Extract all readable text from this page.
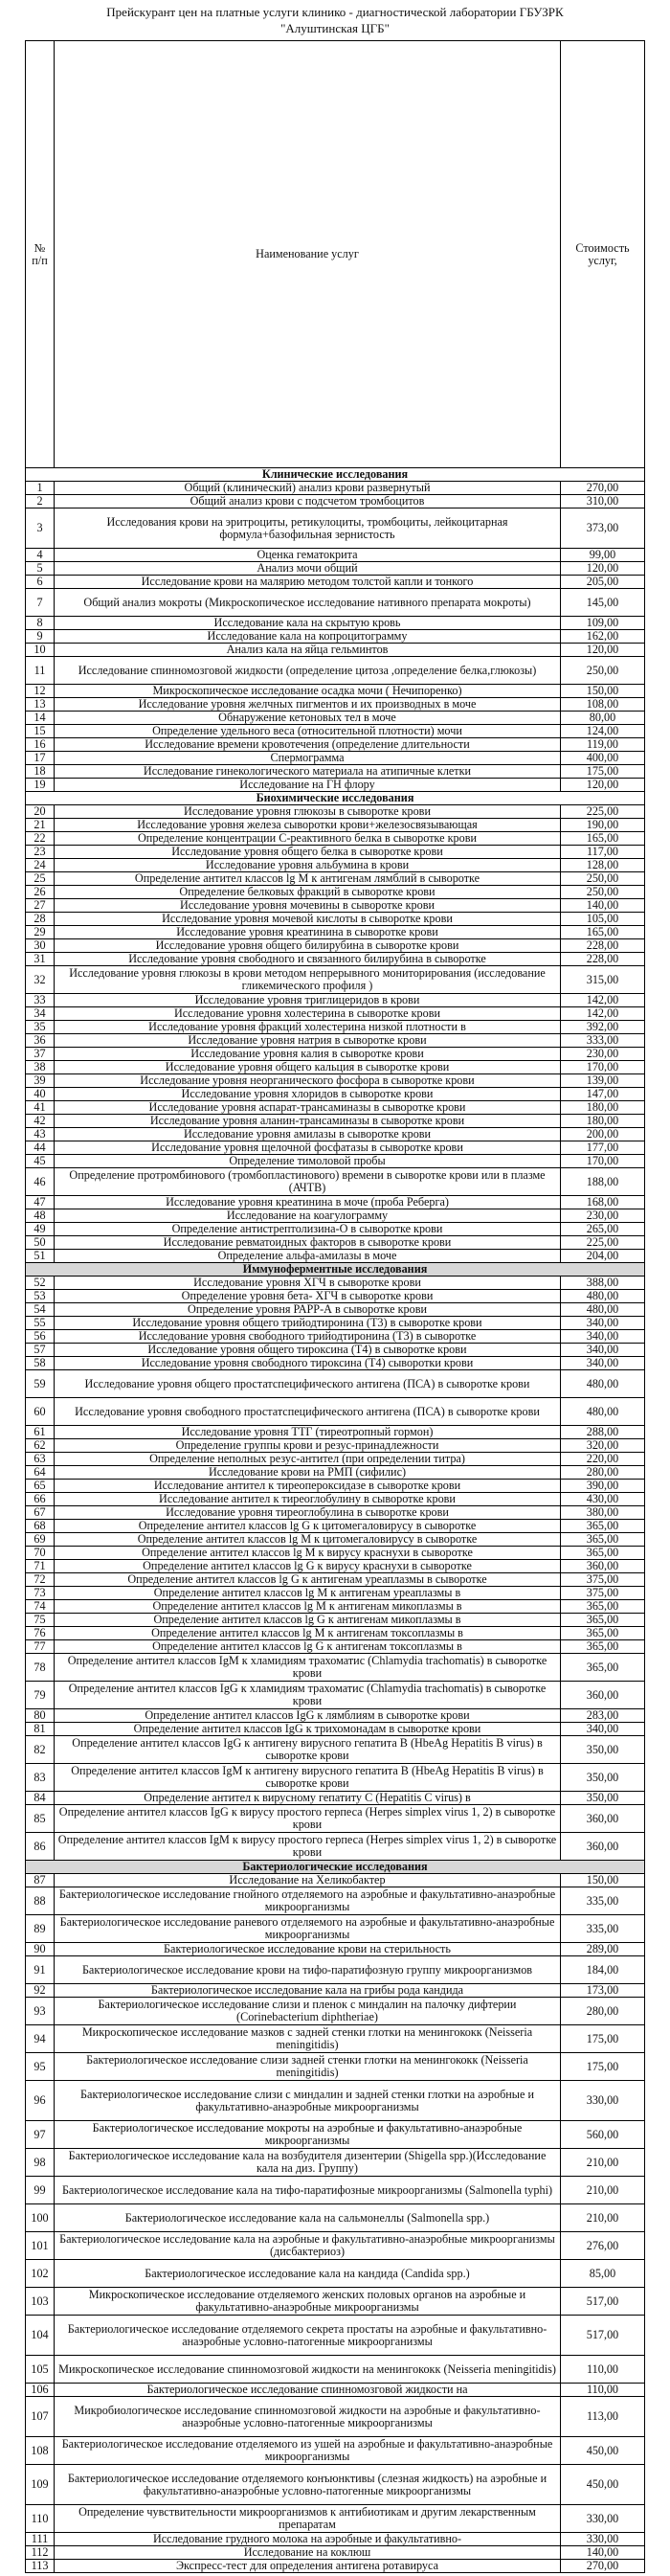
Прейскурант цен на платные услуги клинико - диагностической лаборатории ГБУЗРК
"Алуштинская ЦГБ"
№ п/п	Наименование услуг	Стоимость услуг,
Клинические исследования		
1	Общий (клинический) анализ крови развернутый	270,00
2	Общий анализ крови с подсчетом тромбоцитов	310,00
3	Исследования крови на эритроциты, ретикулоциты, тромбоциты, лейкоцитарная формула+базофильная зернистость	373,00
4	Оценка гематокрита	99,00
5	Анализ мочи общий	120,00
6	Исследование крови на малярию методом толстой капли и тонкого	205,00
7	Общий анализ мокроты (Микроскопическое исследование нативного препарата мокроты)	145,00
8	Исследование кала на скрытую кровь	109,00
9	Исследование кала на копроцитограмму	162,00
10	Анализ кала на яйца гельминтов	120,00
11	Исследование спинномозговой жидкости (определение цитоза ,определение белка,глюкозы)	250,00
12	Микроскопическое исследование осадка мочи ( Нечипоренко)	150,00
13	Исследование уровня желчных пигментов и их производных в моче	108,00
14	Обнаружение кетоновых тел в моче	80,00
15	Определение удельного веса (относительной плотности) мочи	124,00
16	Исследование времени кровотечения (определение длительности	119,00
17	Спермограмма	400,00
18	Исследование гинекологического материала на атипичные клетки	175,00
19	Исследование на ГН флору	120,00
Биохимические исследования		
20	Исследование уровня глюкозы в сыворотке крови	225,00
21	Исследование уровня железа сыворотки крови+железосвязывающая	190,00
22	Определение концентрации С-реактивного белка в сыворотке крови	165,00
23	Исследование уровня общего белка в сыворотке крови	117,00
24	Исследование уровня альбумина в крови	128,00
25	Определение антител классов lg M к антигенам лямблий в сыворотке	250,00
26	Определение белковых фракций в сыворотке крови	250,00
27	Исследование уровня мочевины в сыворотке крови	140,00
28	Исследование уровня мочевой кислоты в сыворотке крови	105,00
29	Исследование уровня креатинина в сыворотке крови	165,00
30	Исследование уровня общего билирубина в сыворотке крови	228,00
31	Исследование уровня свободного и связанного билирубина в сыворотке	228,00
32	Исследование уровня глюкозы в крови методом непрерывного мониторирования (исследование гликемического профиля )	315,00
33	Исследование уровня триглицеридов в крови	142,00
34	Исследование уровня холестерина в сыворотке крови	142,00
35	Исследование уровня фракций холестерина низкой плотности в	392,00
36	Исследование уровня натрия в сыворотке крови	333,00
37	Исследование уровня калия в сыворотке крови	230,00
38	Исследование уровня общего кальция в сыворотке крови	170,00
39	Исследование уровня неорганического фосфора в сыворотке крови	139,00
40	Исследование уровня хлоридов в сыворотке крови	147,00
41	Исследование уровня аспарат-трансаминазы в сыворотке крови	180,00
42	Исследование уровня аланин-трансаминазы в сыворотке крови	180,00
43	Исследование уровня амилазы в сыворотке крови	200,00
44	Исследование уровня щелочной фосфатазы в сыворотке крови	177,00
45	Определение тимоловой пробы	170,00
46	Определение протромбинового (тромбопластинового) времени в сыворотке крови или в плазме (АЧТВ)	188,00
47	Исследование уровня креатинина в моче (проба Реберга)	168,00
48	Исследование на коагулограмму	230,00
49	Определение антистрептолизина-О в сыворотке крови	265,00
50	Исследование ревматоидных факторов в сыворотке крови	225,00
51	Определение альфа-амилазы в моче	204,00
Иммуноферментные исследования		
52	Исследование уровня ХГЧ в сыворотке крови	388,00
53	Определение уровня бета- ХГЧ в сыворотке крови	480,00
54	Определение уровня РАРР-А в сыворотке крови	480,00
55	Исследование уровня общего трийодтиронина (Т3) в сыворотке крови	340,00
56	Исследование уровня свободного трийодтиронина (Т3) в сыворотке	340,00
57	Исследование уровня общего тироксина (Т4) в сыворотке крови	340,00
58	Исследование уровня свободного тироксина (Т4) сыворотки крови	340,00
59	Исследование уровня общего простатспецифического антигена (ПСА) в сыворотке крови	480,00
60	Исследование уровня свободного простатспецифического антигена (ПСА) в сыворотке крови	480,00
61	Исследование уровня ТТГ (тиреотропный гормон)	288,00
62	Определение группы крови и резус-принадлежности	320,00
63	Определение неполных резус-антител (при определении титра)	220,00
64	Исследование крови на РМП (сифилис)	280,00
65	Исследование антител к тиреопероксидазе в сыворотке крови	390,00
66	Исследование антител к тиреоглобулину в сыворотке крови	430,00
67	Исследование уровня тиреоглобулина в сыворотке крови	380,00
68	Определение антител классов lg G к цитомегаловирусу в сыворотке	365,00
69	Определение антител классов lg M к цитомегаловирусу в сыворотке	365,00
70	Определение антител классов lg M к вирусу краснухи в сыворотке	365,00
71	Определение антител классов lg G к вирусу краснухи в сыворотке	360,00
72	Определение антител классов lg G к антигенам уреаплазмы в сыворотке	375,00
73	Определение антител классов lg M к антигенам уреаплазмы в	375,00
74	Определение антител классов lg M к антигенам микоплазмы в	365,00
75	Определение антител классов lg G к антигенам микоплазмы в	365,00
76	Определение антител классов lg M к антигенам токсоплазмы в	365,00
77	Определение антител классов lg G к антигенам токсоплазмы в	365,00
78	Определение антител классов IgM к хламидиям трахоматис (Chlamydia trachomatis) в сыворотке крови	365,00
79	Определение антител классов IgG к хламидиям трахоматис (Chlamydia trachomatis) в сыворотке крови	360,00
80	Определение антител классов IgG к лямблиям в сыворотке крови	283,00
81	Определение антител классов IgG к трихомонадам в сыворотке крови	340,00
82	Определение антител классов IgG к антигену вирусного гепатита В (HbeAg Hepatitis B virus) в сыворотке крови	350,00
83	Определение антител классов IgM к антигену вирусного гепатита В (HbeAg Hepatitis B virus) в сыворотке крови	350,00
84	Определение антител к вирусному гепатиту С (Hepatitis C virus) в	350,00
85	Определение антител классов IgG к вирусу простого герпеса (Herpes simplex virus 1, 2) в сыворотке крови	360,00
86	Определение антител классов IgM к вирусу простого герпеса (Herpes simplex virus 1, 2) в сыворотке крови	360,00
Бактериологические исследования		
87	Исследование на Хеликобактер	150,00
88	Бактериологическое исследование гнойного отделяемого на аэробные и факультативно-анаэробные микроорганизмы	335,00
89	Бактериологическое исследование раневого отделяемого на аэробные и факультативно-анаэробные микроорганизмы	335,00
90	Бактериологическое исследование крови на стерильность	289,00
91	Бактериологическое исследование крови на тифо-паратифозную группу микроорганизмов	184,00
92	Бактериологическое исследование кала на грибы рода кандида	173,00
93	Бактериологическое исследование слизи и пленок с миндалин на палочку дифтерии (Corinebacterium diphtheriae)	280,00
94	Микроскопическое исследование мазков с задней стенки глотки на менингококк (Neisseria meningitidis)	175,00
95	Бактериологическое исследование слизи задней стенки глотки на менингококк (Neisseria meningitidis)	175,00
96	Бактериологическое исследование слизи с миндалин и задней стенки глотки на аэробные и факультативно-анаэробные микроорганизмы	330,00
97	Бактериологическое исследование мокроты на аэробные и факультативно-анаэробные микроорганизмы	560,00
98	Бактериологическое исследование кала на возбудителя дизентерии (Shigella spp.)(Исследование кала на диз. Группу)	210,00
99	Бактериологическое исследование кала на тифо-паратифозные микроорганизмы (Salmonella typhi)	210,00
100	Бактериологическое исследование кала на сальмонеллы (Salmonella spp.)	210,00
101	Бактериологическое исследование кала на аэробные и факультативно-анаэробные микроорганизмы (дисбактериоз)	276,00
102	Бактериологическое исследование кала на кандида (Candida spp.)	85,00
103	Микроскопическое исследование отделяемого женских половых органов на аэробные и факультативно-анаэробные микроорганизмы	517,00
104	Бактериологическое исследование отделяемого секрета простаты на аэробные и факультативно-анаэробные условно-патогенные микроорганизмы	517,00
105	Микроскопическое исследование спинномозговой жидкости на менингококк (Neisseria meningitidis)	110,00
106	Бактериологическое исследование спинномозговой жидкости на	110,00
107	Микробиологическое исследование спинномозговой жидкости на аэробные и факультативно-анаэробные условно-патогенные микроорганизмы	113,00
108	Бактериологическое исследование отделяемого из ушей на аэробные и факультативно-анаэробные микроорганизмы	450,00
109	Бактериологическое исследование отделяемого конъюнктивы (слезная жидкость) на аэробные и факультативно-анаэробные условно-патогенные микроорганизмы	450,00
110	Определение чувствительности микроорганизмов к антибиотикам и другим лекарственным препаратам	330,00
111	Исследование грудного молока на аэробные и факультативно-	330,00
112	Исследование на коклюш	140,00
113	Экспресс-тест для определения антигена ротавируса	270,00
